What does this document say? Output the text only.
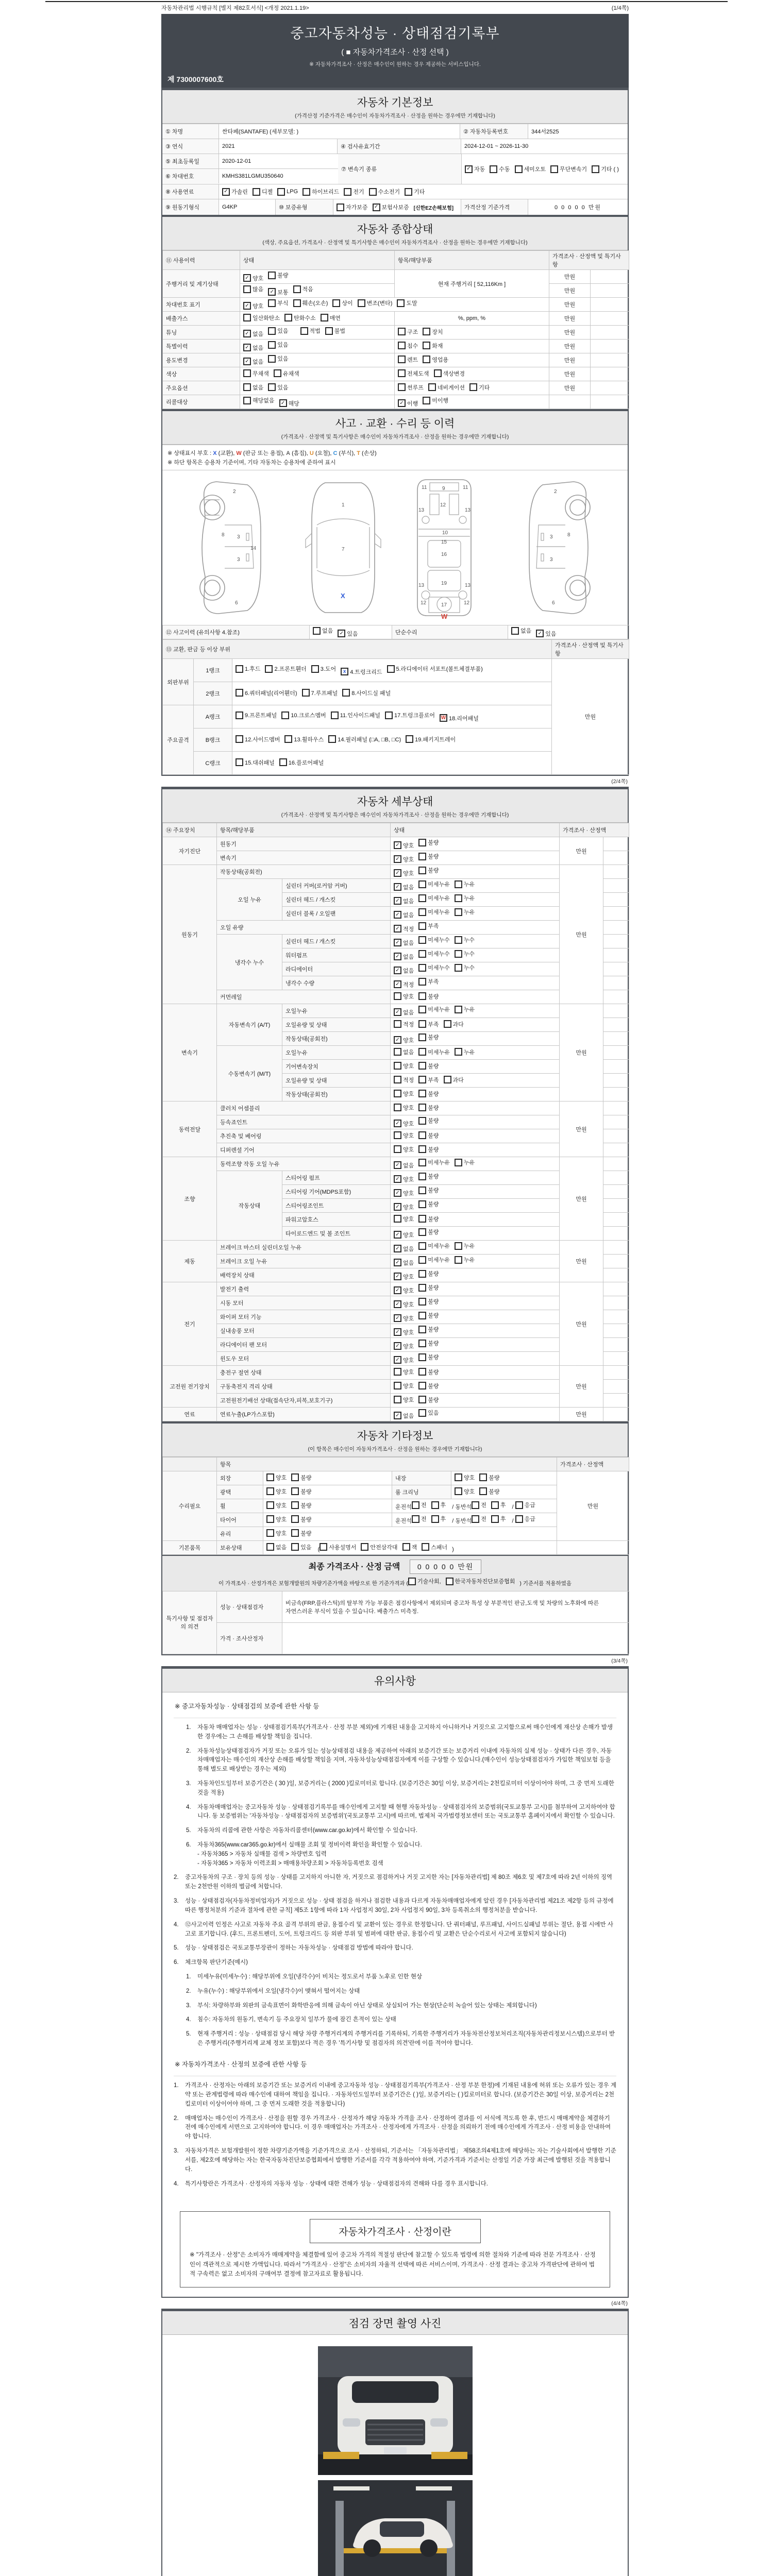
자동차관리법 시행규칙 [별지 제82호서식] <개정 2021.1.19>	(1/4쪽)
중고자동차성능 · 상태점검기록부
( ■ 자동차가격조사 · 산정 선택 )
※ 자동차가격조사 · 산정은 매수인이 원하는 경우 제공하는 서비스입니다.
제 7300007600호
자동차 기본정보
(가격산정 기준가격은 매수인이 자동차가격조사 · 산정을 원하는 경우에만 기재합니다)
① 차명	싼타페(SANTAFE) (세부모델: )	② 자동차등록번호	344서2525
③ 연식	2021	④ 검사유효기간	2024-12-01 ~ 2026-11-30
⑤ 최초등록일	2020-12-01
⑥ 차대번호	KMHS381LGMU350640
⑦ 변속기 종류	✓ 자동 수동 세미오토 무단변속기 기타 ( )
⑧ 사용연료	✓ 가솔린 디젤 LPG 하이브리드 전기 수소전기 기타
⑨ 원동기형식	G4KP	⑩ 보증유형	자가보증	✓ 보험사보증 [신한EZ손해보험]	가격산정 기준가격	0 0 0 0 0 만원
자동차 종합상태
(색상, 주요옵션, 가격조사 · 산정액 및 특기사항은 매수인이 자동차가격조사 · 산정을 원하는 경우에만 기재합니다)
⑪ 사용이력	상태	항목/해당부품	가격조사 · 산정액 및 특기사항	
주행거리 및 계기상태	✓ 양호 불량	현재 주행거리 [ 52,116Km ]	만원	

	많음 ✓ 보통 적음		만원	
차대번호 표기	✓ 양호 부식 훼손(오손) 상이 변조(변타) 도말	만원	
배출가스	일산화탄소 탄화수소 매연	%, ppm, %	만원	
튜닝	✓ 없음 있음 적법 불법	구조 장치	만원	
특별이력	✓ 없음 있음	침수 화재	만원	
용도변경	✓ 없음 있음	렌트 영업용	만원	
색상	무채색 유채색	전체도색 색상변경	만원	
주요옵션	없음 있음	썬루프 네비게이션 기타	만원	
리콜대상	해당없음 ✓ 해당	✓ 이행 미이행		

사고 · 교환 · 수리 등 이력
(가격조사 · 산정액 및 특기사항은 매수인이 자동차가격조사 · 산정을 원하는 경우에만 기재합니다)
※ 상태표시 부호 : X (교환), W (판금 또는 용접), A (흠집), U (요철), C (부식), T (손상)
※ 하단 항목은 승용차 기준이며, 기타 자동차는 승용차에 준하여 표시
2
8 3
14
3
6
1
7
X
11	11
9
13	13
12
10
15
16
13	13
19
12	12
17
W
2
8
3
3
6
⑫ 사고이력 (유의사항 4.참조)	없음	✓ 있음	단순수리	없음	✓ 있음
⑬ 교환, 판금 등 이상 부위			가격조사 · 산정액 및 특기사항
외판부위	1랭크	1.후드 2.프론트휀더 3.도어	x 4.트렁크리드 5.라디에이터 서포트(볼트체결부품)
	만원
	2랭크	6.쿼터패널(리어휀더) 7.루프패널 8.사이드실 패널	

주요골격	A랭크	9.프론트패널 10.크로스멤버 11.인사이드패널 17.트렁크플로어 W 18.리어패널

	B랭크	12.사이드멤버 13.휠하우스 14.필러패널 (□A, □B, □C) 19.패키지트레이	

	C랭크	15.대쉬패널 16.플로어패널	
(2/4쪽)
자동차 세부상태
(가격조사 · 산정액 및 특기사항은 매수인이 자동차가격조사 · 산정을 원하는 경우에만 기재합니다)
⑭ 주요장치	항목/해당부품		상태	가격조사 · 산정액	
자기진단	원동기		✓ 양호 불량	만원	
	변속기		✓ 양호 불량		

원동기	작동상태(공회전)		✓ 양호 불량	만원	
	오일 누유	실린더 커버(로커암 커버)	✓ 없음 미세누유 누유		

		실린더 헤드 / 개스킷	✓ 없음 미세누유 누유		

		실린더 블록 / 오일팬	✓ 없음 미세누유 누유		

	오일 유량		✓ 적정 부족		

	냉각수 누수	실린더 헤드 / 개스킷	✓ 없음 미세누수 누수		

		워터펌프	✓ 없음 미세누수 누수		

		라디에이터	✓ 없음 미세누수 누수		

		냉각수 수량	✓ 적정 부족		

	커먼레일		양호 불량		

변속기	자동변속기 (A/T)	오일누유	✓ 없음 미세누유 누유	만원	
		오일유량 및 상태	적정 부족 과다		

		작동상태(공회전)	✓ 양호 불량		

	수동변속기 (M/T)	오일누유	없음 미세누유 누유		

		기어변속장치	양호 불량		

		오일유량 및 상태	적정 부족 과다		

		작동상태(공회전)	양호 불량		

동력전달	클러치 어셈블리		양호 불량	만원	
	등속죠인트		✓ 양호 불량		

	추진축 및 베어링		양호 불량		

	디퍼렌셜 기어		양호 불량		

조향	동력조향 작동 오일 누유		✓ 없음 미세누유 누유	만원	
	작동상태	스티어링 펌프	✓ 양호 불량		

		스티어링 기어(MDPS포함)	✓ 양호 불량		

		스티어링조인트	✓ 양호 불량		

		파워고압호스	양호 불량		

		타이로드엔드 및 볼 조인트	✓ 양호 불량		

제동	브레이크 마스터 실린더오일 누유		✓ 없음 미세누유 누유	만원	
	브레이크 오일 누유		✓ 없음 미세누유 누유		

	배력장치 상태		✓ 양호 불량		

전기	발전기 출력		✓ 양호 불량	만원	
	시동 모터		✓ 양호 불량		

	와이퍼 모터 기능		✓ 양호 불량		

	실내송풍 모터		✓ 양호 불량		

	라디에이터 팬 모터		✓ 양호 불량		

	윈도우 모터		✓ 양호 불량		

고전원 전기장치	충전구 절연 상태		양호 불량	만원	
	구동축전지 격리 상태		양호 불량		

	고전원전기배선 상태(접속단자,피복,보호기구)		양호 불량		

연료	연료누출(LP가스포함)		✓ 없음 있음	만원	
자동차 기타정보
(이 항목은 매수인이 자동차가격조사 · 산정을 원하는 경우에만 기재합니다)
	항목				가격조사 · 산정액
수리필요	외장	양호 불량	내장	양호 불량	만원
	광택	양호 불량	룸 크리닝	양호 불량	

휠	양호 불량	운전석 전 후 / 동반석 전 후 / 응급

타이어	양호 불량	운전석 전 후 / 동반석 전 후 / 응급

	유리	양호 불량			

기본품목	보유상태	없음 있음 ( 사용설명서 안전삼각대 잭 스패너 )	
최종 가격조사 · 산정 금액 0 0 0 0 0 만원
이 가격조사 · 산정가격은 보험개발원의 차량기준가액을 바탕으로 한 기준가격과 ( 기술사회, 한국자동차진단보증협회 ) 기준서를 적용하였음
특기사항 및 점검자의 의견	성능 · 상태점검자	비금속(FRP,플라스틱)의 탈부착 가능 부품은 점검사항에서 제외되며 중고차 특성 상 부분적인 판금,도색 및 차량의 노후화에 따른 자연스러운 부식이 있을 수 있습니다. 배출가스 미측정.
	가격 · 조사산정자	
(3/4쪽)
유의사항
※ 중고자동차성능 · 상태점검의 보증에 관한 사항 등
1.	자동차 매매업자는 성능 · 상태점검기록부(가격조사 · 산정 부분 제외)에 기재된 내용을 고지하지 아니하거나 거짓으로 고지함으로써 매수인에게 재산상 손해가 발생한 경우에는 그 손해를 배상할 책임을 집니다.
2.	자동차성능상태점검자가 거짓 또는 오류가 있는 성능상태점검 내용을 제공하여 아래의 보증기간 또는 보증거리 이내에 자동차의 실제 성능 · 상태가 다른 경우, 자동차매매업자는 매수인의 재산상 손해를 배상할 책임을 지며, 자동차성능상태점검자에게 이를 구상할 수 있습니다.(매수인이 성능상태점검자가 가입한 책임보험 등을 통해 별도로 배상받는 경우는 제외)
3.	자동차인도일부터 보증기간은 ( 30 )일, 보증거리는 ( 2000 )킬로미터로 합니다. (보증기간은 30일 이상, 보증거리는 2천킬로미터 이상이어야 하며, 그 중 먼저 도래한 것을 적용)
4.	자동차매매업자는 중고자동차 성능 · 상태점검기록부를 매수인에게 고지할 때 현행 자동차성능 · 상태점검자의 보증범위(국토교통부 고시)를 첨부하여 고지하여야 합니다. 동 보증범위는 '자동차성능 · 상태점검자의 보증범위'(국토교통부 고시)에 따르며, 법제처 국가법령정보센터 또는 국토교통부 홈페이지에서 확인할 수 있습니다.
5.	자동차의 리콜에 관한 사항은 자동차리콜센터(www.car.go.kr)에서 확인할 수 있습니다.
6.	자동차365(www.car365.go.kr)에서 실매물 조회 및 정비이력 확인을 확인할 수 있습니다.
- 자동차365 > 자동차 실매물 검색 > 차량번호 입력
- 자동차365 > 자동차 이력조회 > 매매용차량조회 > 자동차등록번호 검색
2.	중고자동차의 구조 · 장치 등의 성능 · 상태를 고지하지 아니한 자, 거짓으로 점검하거나 거짓 고지한 자는 [자동차관리법] 제 80조 제6호 및 제7호에 따라 2년 이하의 징역 또는 2천만원 이하의 벌금에 처합니다.
3.	성능 · 상태점검자(자동차정비업자)가 거짓으로 성능 · 상태 점검을 하거나 점검한 내용과 다르게 자동차매매업자에게 알린 경우 [자동차관리법 제21조 제2항 등의 규정에 따른 행정처분의 기준과 절차에 관한 규칙] 제5조 1항에 따라 1차 사업정지 30일, 2차 사업정지 90일, 3차 등록취소의 행정처분을 받습니다.
4.	⑫사고이력 인정은 사고로 자동차 주요 골격 부위의 판금, 용접수리 및 교환이 있는 경우로 한정합니다. 단 쿼터패널, 루프패널, 사이드실패널 부위는 절단, 용접 시에만 사고로 표기합니다. (후드, 프론트펜더, 도어, 트렁크리드 등 외판 부위 및 범퍼에 대한 판금, 용접수리 및 교환은 단순수리로서 사고에 포함되지 않습니다)
5.	성능 · 상태점검은 국토교통부장관이 정하는 자동차성능 · 상태점검 방법에 따라야 합니다.
6.	체크항목 판단기준(예시)
1.	미세누유(미세누수) : 해당부위에 오일(냉각수)이 비치는 정도로서 부품 노후로 인한 현상
2.	누유(누수) : 해당부위에서 오일(냉각수)이 맺혀서 떨어지는 상태
3.	부식: 차량하부와 외판의 금속표면이 화학반응에 의해 금속이 아닌 상태로 상실되어 가는 현상(단순히 녹슬어 있는 상태는 제외합니다)
4.	침수: 자동차의 원동기, 변속기 등 주요장치 일부가 물에 잠긴 흔적이 있는 상태
5.	현재 주행거리 : 성능 · 상태점검 당시 해당 차량 주행거리계의 주행거리를 기록하되, 기록한 주행거리가 자동차전산정보처리조직(자동차관리정보시스템)으로부터 받은 주행거리(주행거리계 교체 정보 포함)보다 적은 경우 '특기사항 및 점검자의 의견'란에 이를 적어야 합니다.
※ 자동차가격조사 · 산정의 보증에 관한 사항 등
1.	가격조사 · 산정자는 아래의 보증기간 또는 보증거리 이내에 중고자동차 성능 · 상태점검기록부(가격조사 · 산정 부분 한정)에 기재된 내용에 허위 또는 오류가 있는 경우 계약 또는 관계법령에 따라 매수인에 대하여 책임을 집니다. · 자동차인도일부터 보증기간은 ( )일, 보증거리는 ( )킬로미터로 합니다. (보증기간은 30일 이상, 보증거리는 2천킬로미터 이상이어야 하며, 그 중 먼저 도래한 것을 적용합니다)
2.	매매업자는 매수인이 가격조사 · 산정을 원할 경우 가격조사 · 산정자가 해당 자동차 가격을 조사 · 산정하여 결과를 이 서식에 적도록 한 후, 반드시 매매계약을 체결하기 전에 매수인에게 서면으로 고지하여야 합니다. 이 경우 매매업자는 가격조사 · 산정자에게 가격조사 · 산정을 의뢰하기 전에 매수인에게 가격조사 · 산정 비용을 안내하여야 합니다.
3.	자동차가격은 보험개발원이 정한 차량기준가액을 기준가격으로 조사 · 산정하되, 기준서는 「자동차관리법」 제58조의4제1호에 해당하는 자는 기술사회에서 발행한 기준서를, 제2호에 해당하는 자는 한국자동차진단보증협회에서 발행한 기준서를 각각 적용하여야 하며, 기준가격과 기준서는 산정일 기준 가장 최근에 발행된 것을 적용합니다.
4.	특기사항란은 가격조사 · 산정자의 자동차 성능 · 상태에 대한 견해가 성능 · 상태점검자의 견해와 다를 경우 표시합니다.
자동차가격조사 · 산정이란
※ "가격조사 · 산정"은 소비자가 매매계약을 체결함에 있어 중고차 가격의 적절성 판단에 참고할 수 있도록 법령에 의한 절차와 기준에 따라 전문 가격조사 · 산정인이 객관적으로 제시한 가액입니다. 따라서 "가격조사 · 산정"은 소비자의 자율적 선택에 따른 서비스이며, 가격조사 · 산정 결과는 중고차 가격판단에 관하여 법적 구속력은 없고 소비자의 구매여부 결정에 참고자료로 활용됩니다.
(4/4쪽)
점검 장면 촬영 사진
